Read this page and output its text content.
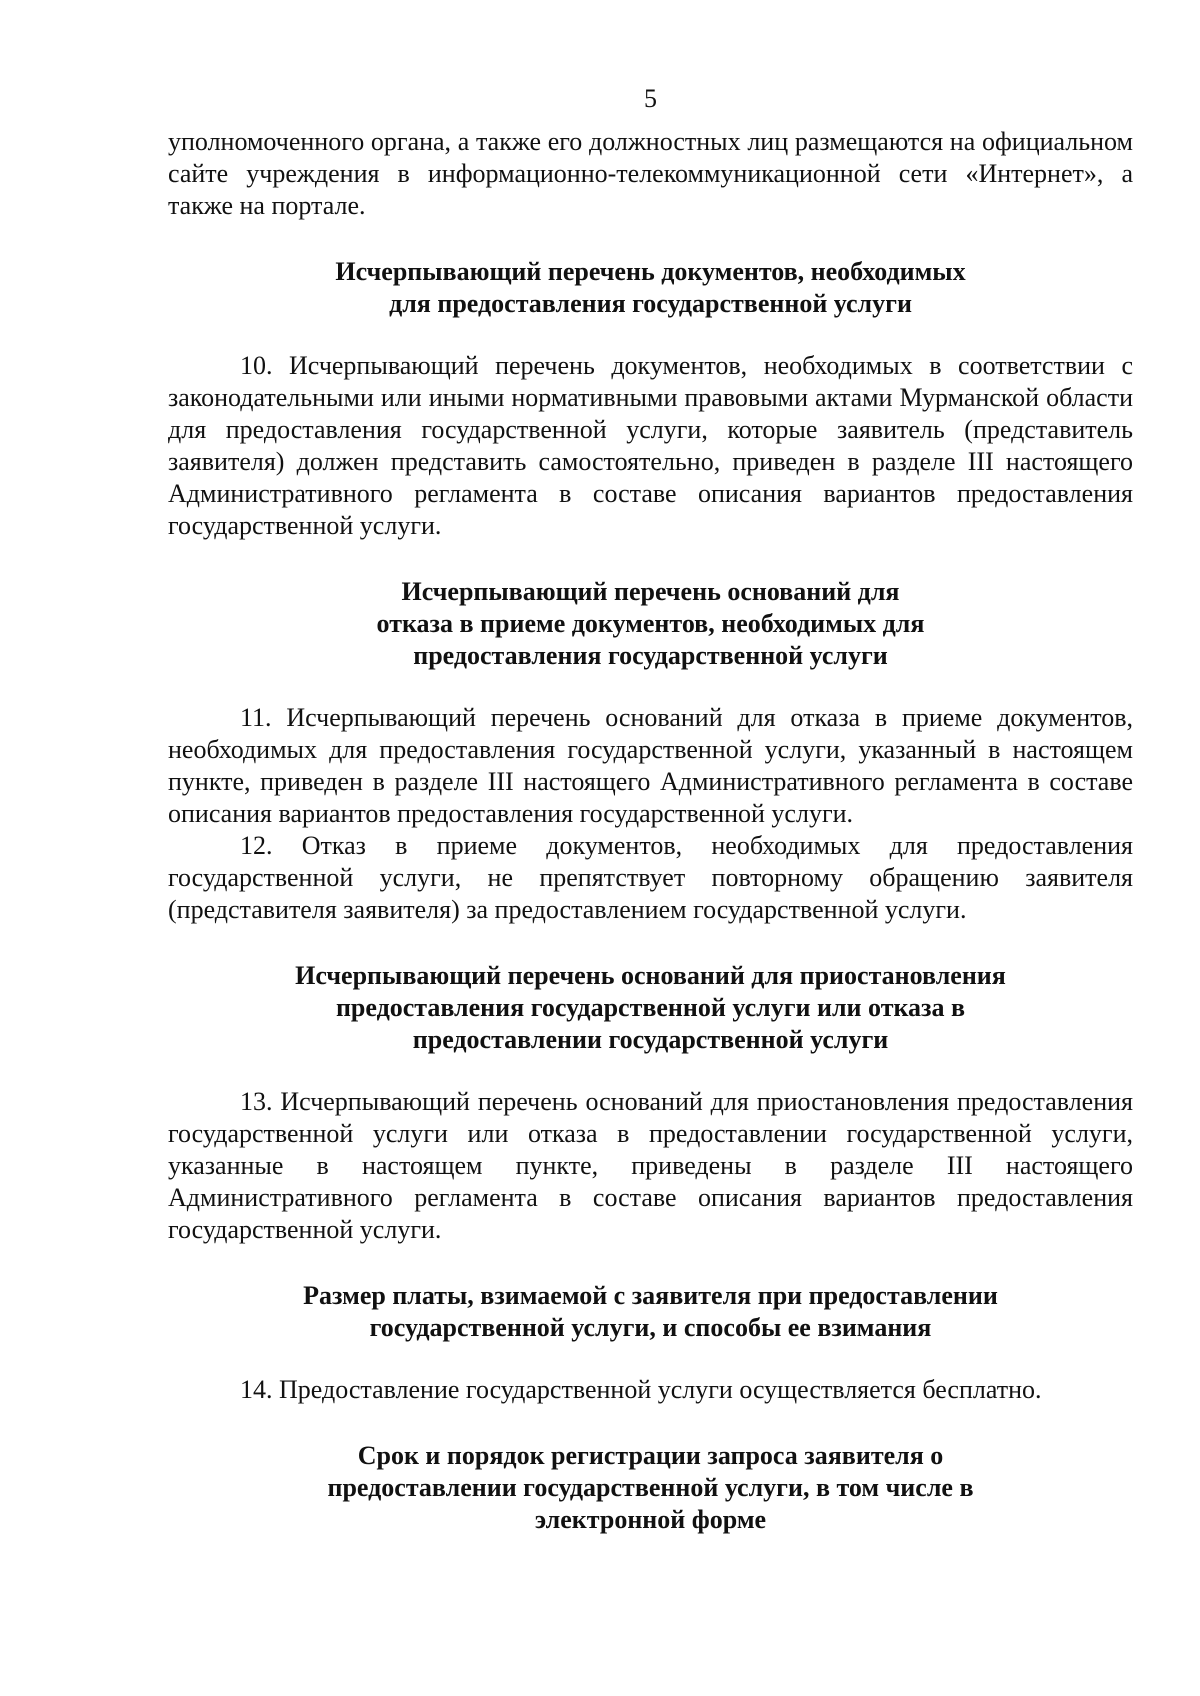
5

уполномоченного органа, а также его должностных лиц размещаются на официальном сайте учреждения в информационно-телекоммуникационной сети «Интернет», а также на портале.

Исчерпывающий перечень документов, необходимых для предоставления государственной услуги

10. Исчерпывающий перечень документов, необходимых в соответствии с законодательными или иными нормативными правовыми актами Мурманской области для предоставления государственной услуги, которые заявитель (представитель заявителя) должен представить самостоятельно, приведен в разделе III настоящего Административного регламента в составе описания вариантов предоставления государственной услуги.

Исчерпывающий перечень оснований для отказа в приеме документов, необходимых для предоставления государственной услуги

11. Исчерпывающий перечень оснований для отказа в приеме документов, необходимых для предоставления государственной услуги, указанный в настоящем пункте, приведен в разделе III настоящего Административного регламента в составе описания вариантов предоставления государственной услуги.

12. Отказ в приеме документов, необходимых для предоставления государственной услуги, не препятствует повторному обращению заявителя (представителя заявителя) за предоставлением государственной услуги.

Исчерпывающий перечень оснований для приостановления предоставления государственной услуги или отказа в предоставлении государственной услуги

13. Исчерпывающий перечень оснований для приостановления предоставления государственной услуги или отказа в предоставлении государственной услуги, указанные в настоящем пункте, приведены в разделе III настоящего Административного регламента в составе описания вариантов предоставления государственной услуги.

Размер платы, взимаемой с заявителя при предоставлении государственной услуги, и способы ее взимания

14. Предоставление государственной услуги осуществляется бесплатно.

Срок и порядок регистрации запроса заявителя о предоставлении государственной услуги, в том числе в электронной форме
